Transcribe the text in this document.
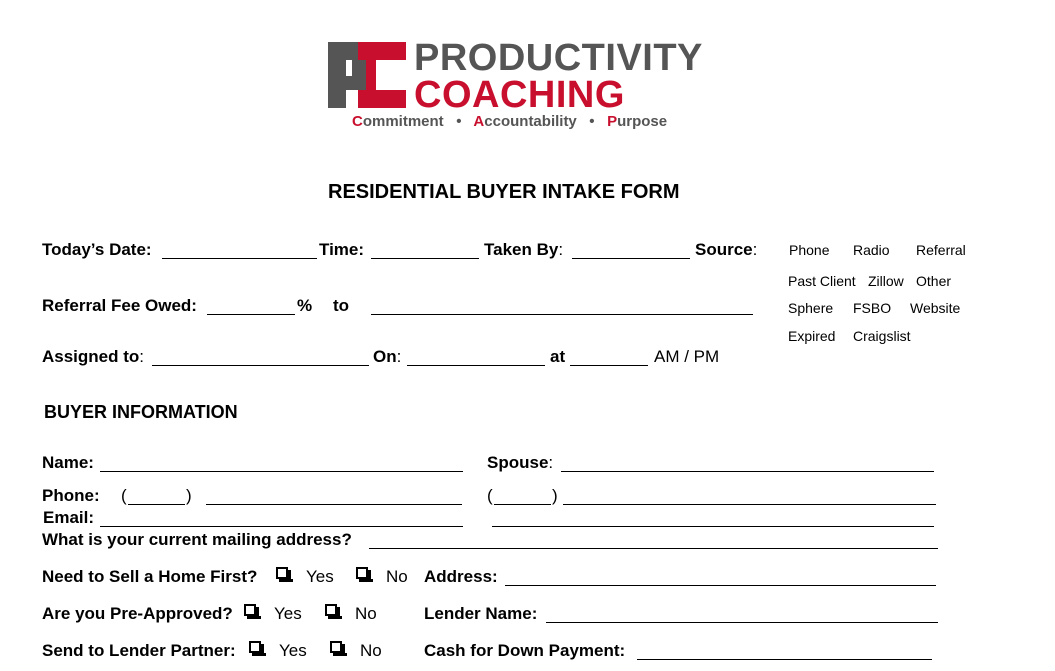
PRODUCTIVITY
COACHING
Commitment • Accountability • Purpose
RESIDENTIAL BUYER INTAKE FORM
Today’s Date:	Time:	Taken By:	Source: Phone Radio Referral
Past Client Zillow Other
Sphere FSBO Website
Expired Craigslist
Referral Fee Owed:	% to
Assigned to:	On:	at	AM / PM
BUYER INFORMATION
Name:	Spouse:
Phone: (	)	(	)
Email:
What is your current mailing address?
Need to Sell a Home First?	Yes	No Address:
Are you Pre-Approved? Yes	No	Lender Name:
Send to Lender Partner:	Yes	No Cash for Down Payment:
